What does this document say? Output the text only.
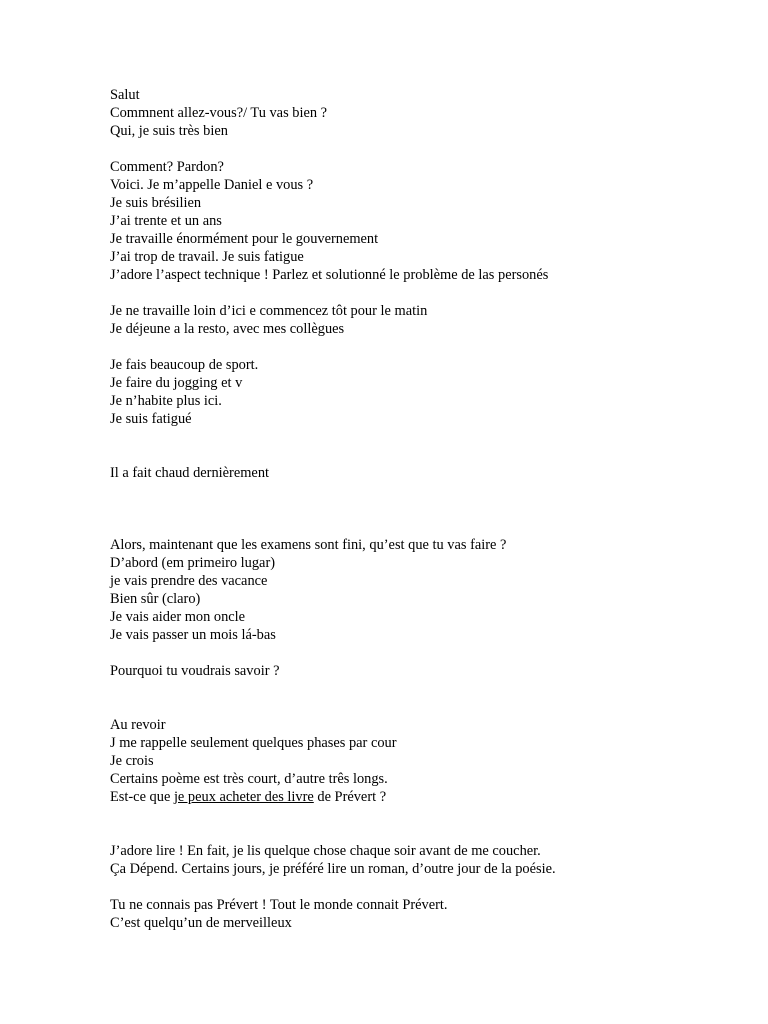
Salut
Commnent allez-vous?/ Tu vas bien ?
Qui, je suis très bien
Comment? Pardon?
Voici. Je m’appelle Daniel e vous ?
Je suis brésilien
J’ai trente et un ans
Je travaille énormément pour le gouvernement
J’ai trop de travail. Je suis fatigue
J’adore l’aspect technique ! Parlez et solutionné le problème de las personés
Je ne travaille loin d’ici e commencez tôt pour le matin
Je déjeune a la resto, avec mes collègues
Je fais beaucoup de sport.
Je faire du jogging et v
Je n’habite plus ici.
Je suis fatigué
Il a fait chaud dernièrement
Alors, maintenant que les examens sont fini, qu’est que tu vas faire ?
D’abord (em primeiro lugar)
je vais prendre des vacance
Bien sûr (claro)
Je vais aider mon oncle
Je vais passer un mois lá-bas
Pourquoi tu voudrais savoir ?
Au revoir
J me rappelle seulement quelques phases par cour
Je crois
Certains poème est très court, d’autre três longs.
Est-ce que je peux acheter des livre de Prévert ?
J’adore lire ! En fait, je lis quelque chose chaque soir avant de me coucher.
Ça Dépend. Certains jours, je préféré lire un roman, d’outre jour de la poésie.
Tu ne connais pas Prévert ! Tout le monde connait Prévert.
C’est quelqu’un de merveilleux
